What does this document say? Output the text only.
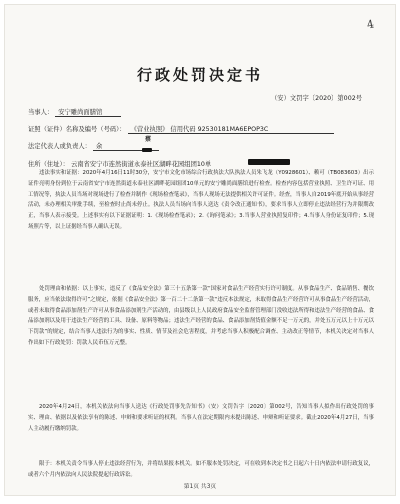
4
行政处罚决定书
（安）文罚字〔2020〕第002号
当事人： 安宁雕尚面膳馆
证照（证件）名称及编号（号码）： 《营业执照》 信用代码 92530181MA6EPOP3C
蔡
法定代表人或负责人： 余
住所（住址）： 云南省安宁市连然街道永泰社区湖畔花园组团10单

违法事实和证据：2020年4月16日11时30分，安宁市文化市场综合行政执法大队执法人员朱飞龙（Y0928601）、赖可（TB083603）出示证件亮明身份到位于云南省安宁市连然街道永泰社区湖畔花园组团10单元的安宁雕尚面膳馆进行检查。检查内容包括营业执照、卫生许可证、用工情况等，执法人员当场对现场进行了检查并制作《现场检查笔录》，当事人现场无法提供相关许可证件。经查，当事人自2019年底开始从事经营活动，未办理相关审批手续，至检查时止尚未停止。执法人员当场向当事人送达《责令改正通知书》，要求当事人立即停止违法经营行为并限期改正，当事人表示接受。上述事实有以下证据证明：1.《现场检查笔录》；2.《询问笔录》；3.当事人营业执照复印件；4.当事人身份证复印件；5.现场照片等，以上证据经当事人确认无误。

处罚理由和依据：以上事实，违反了《食品安全法》第三十五条第一款“国家对食品生产经营实行许可制度。从事食品生产、食品销售、餐饮服务，应当依法取得许可”之规定，依据《食品安全法》第一百二十二条第一款“违反本法规定，未取得食品生产经营许可从事食品生产经营活动，或者未取得食品添加剂生产许可从事食品添加剂生产活动的，由县级以上人民政府食品安全监督管理部门没收违法所得和违法生产经营的食品、食品添加剂以及用于违法生产经营的工具、设备、原料等物品；违法生产经营的食品、食品添加剂货值金额不足一万元的，并处五万元以上十万元以下罚款”的规定，结合当事人违法行为的事实、性质、情节及社会危害程度，并考虑当事人积极配合调查、主动改正等情节，本机关决定对当事人作出如下行政处罚：罚款人民币伍万元整。

2020年4月24日，本机关依法向当事人送达《行政处罚事先告知书》（安）文罚告字〔2020〕第002号，告知当事人拟作出行政处罚的事实、理由、依据以及依法享有的陈述、申辩和要求听证的权利。当事人在法定期限内未提出陈述、申辩和听证要求。截止2020年4月27日，当事人主动履行缴纳罚款。

限于：本机关责令当事人停止违法经营行为，并将结果报本机关。如不服本处罚决定，可在收到本决定书之日起六十日内依法申请行政复议，或者六个月内依法向人民法院提起行政诉讼。

第1页 共3页
